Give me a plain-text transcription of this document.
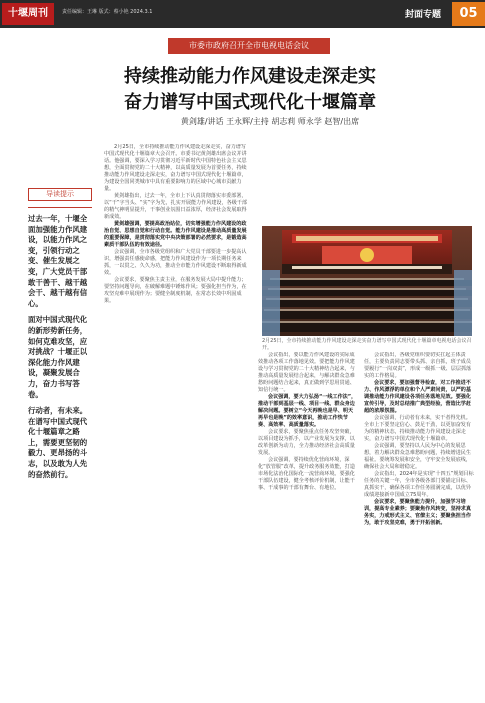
十堰周刊	责任编辑：王琳 版式：蔡小艳 2024.3.1	封面专题	05
市委市政府召开全市电视电话会议
持续推动能力作风建设走深走实
奋力谱写中国式现代化十堰篇章
黄剑雄/讲话 王永辉/主持 胡志莉 师永学 赵智/出席
导读提示

过去一年，十堰全面加强能力作风建设，以能力作风之变，引领行动之变、催生发展之变，广大党员干部敢干善干、越干越会干、越干越有信心。

面对中国式现代化的新形势新任务，如何克难攻坚，应对挑战？十堰正以深化能力作风建设，凝聚发展合力，奋力书写答卷。

行动者，有未来。在谱写中国式现代化十堰篇章之路上，需要更坚韧的毅力、更昂扬的斗志，以及敢为人先的奋然前行。

2月25日，全市持续推动能力作风建设走深走实，奋力谱写中国式现代化十堰篇章大会召开。市委书记黄剑雄出席会议并讲话。他强调，要深入学习贯彻习近平新时代中国特色社会主义思想，全面贯彻党的二十大精神，以高质量发展为首要任务，持续推动能力作风建设走深走实，奋力谱写中国式现代化十堰篇章，为建设全国同类城市中具有重要影响力的区域中心城市贡献力量。

黄剑雄指出，过去一年，全市上下认真贯彻落实市委部署，以“干”字当头、“实”字为先，扎实开展能力作风建设，各级干部的精气神明显提升，干事创业氛围日益浓厚，经济社会发展取得新成效。

黄剑雄强调，要提高政治站位，切实增强能力作风建设的政治自觉、思想自觉和行动自觉。能力作风建设是推动高质量发展的重要保障，是贯彻落实党中央决策部署的必然要求，是锻造高素质干部队伍的有效途径。

会议强调，全市各级党组织和广大党员干部要进一步提高认识，增强责任感使命感，把能力作风建设作为一项长期任务来抓，一以贯之、久久为功，推动全市能力作风建设不断取得新成效。

会议要求，要聚焦主责主业，在服务发展大局中提升能力；要坚持问题导向，在破解难题中锤炼作风；要强化担当作为，在攻坚克难中展现作为；要健全制度机制，在常态长效中巩固成果。

会议指出，要以能力作风建设的实际成效推动各项工作落地见效。要把能力作风建设与学习贯彻党的二十大精神结合起来，与推动高质量发展结合起来，与解决群众急难愁盼问题结合起来，真正做到学思用贯通、知信行统一。

会议强调，要大力弘扬“一线工作法”，推动干部到基层一线、项目一线、群众身边解决问题。要树立“今天再晚也是早、明天再早也是晚”的效率意识，推动工作快节奏、高效率、高质量落实。

会议要求，要聚焦重点任务攻坚突破，以项目建设为抓手，以产业发展为支撑，以改革创新为动力，全力推动经济社会高质量发展。

会议强调，要持续优化营商环境，深化“放管服”改革，提升政务服务效能，打造市场化法治化国际化一流营商环境。要强化干部队伍建设，健全考核评价机制，让能干事、干成事的干部有舞台、有地位。

会议指出，各级党组织要切实扛起主体责任，主要负责同志要带头抓、亲自抓，班子成员要履行“一岗双责”，形成一级抓一级、层层抓落实的工作格局。

会议要求，要加强督导检查，对工作推进不力、作风漂浮的单位和个人严肃问责，以严的基调推动能力作风建设各项任务落地见效。要强化宣传引导，及时总结推广典型经验，营造比学赶超的浓厚氛围。

会议强调，行动者有未来，实干者得先机。全市上下要坚定信心、鼓足干劲，以更加奋发有为的精神状态，持续推动能力作风建设走深走实，奋力谱写中国式现代化十堰篇章。

会议强调，要坚持以人民为中心的发展思想，着力解决群众急难愁盼问题，持续增进民生福祉。要统筹发展和安全，守牢安全发展底线，确保社会大局和谐稳定。

会议指出，2024年是实现“十四五”规划目标任务的关键一年，全市各级各部门要锚定目标、真抓实干，确保各项工作任务圆满完成，以优异成绩迎接新中国成立75周年。

会议要求，要聚焦能力提升，加强学习培训，提高专业素养；要聚焦作风转变，坚持求真务实，力戒形式主义、官僚主义；要聚焦担当作为，敢于攻坚克难，勇于开拓创新。

2月25日，全市持续推动能力作风建设走深走实奋力谱写中国式现代化十堰篇章电视电话会议召开。
